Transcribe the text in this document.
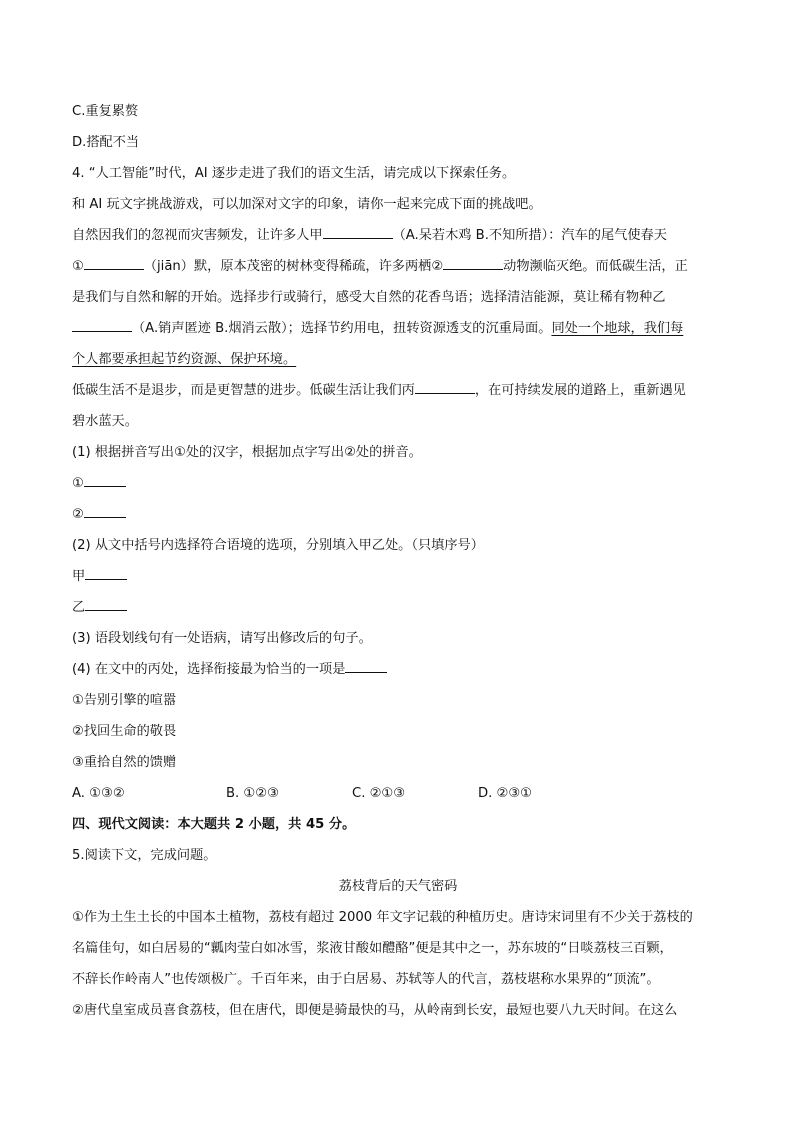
C.重复累赘
D.搭配不当
4. “人工智能”时代，AI 逐步走进了我们的语文生活，请完成以下探索任务。
和 AI 玩文字挑战游戏，可以加深对文字的印象，请你一起来完成下面的挑战吧。
自然因我们的忽视而灾害频发，让许多人甲	（A.呆若木鸡 B.不知所措）：汽车的尾气使春天
①	（jiān）默，原本茂密的树林变得稀疏，许多两栖②	动物濒临灭绝。而低碳生活，正
是我们与自然和解的开始。选择步行或骑行，感受大自然的花香鸟语；选择清洁能源，莫让稀有物种乙
（A.销声匿迹 B.烟消云散）；选择节约用电，扭转资源透支的沉重局面。同处一个地球，我们每
个人都要承担起节约资源、保护环境。
低碳生活不是退步，而是更智慧的进步。低碳生活让我们丙	，在可持续发展的道路上，重新遇见
碧水蓝天。
(1) 根据拼音写出①处的汉字，根据加点字写出②处的拼音。
①
②
(2) 从文中括号内选择符合语境的选项，分别填入甲乙处。（只填序号）
甲
乙
(3) 语段划线句有一处语病，请写出修改后的句子。
(4) 在文中的丙处，选择衔接最为恰当的一项是
①告别引擎的喧嚣
②找回生命的敬畏
③重拾自然的馈赠
A. ①③②	B. ①②③	C. ②①③	D. ②③①
四、现代文阅读：本大题共 2 小题，共 45 分。
5.阅读下文，完成问题。
荔枝背后的天气密码
①作为土生土长的中国本土植物，荔枝有超过 2000 年文字记载的种植历史。唐诗宋词里有不少关于荔枝的
名篇佳句，如白居易的“瓤肉莹白如冰雪，浆液甘酸如醴酪”便是其中之一，苏东坡的“日啖荔枝三百颗，
不辞长作岭南人”也传颂极广。千百年来，由于白居易、苏轼等人的代言，荔枝堪称水果界的“顶流”。
②唐代皇室成员喜食荔枝，但在唐代，即便是骑最快的马，从岭南到长安，最短也要八九天时间。在这么
